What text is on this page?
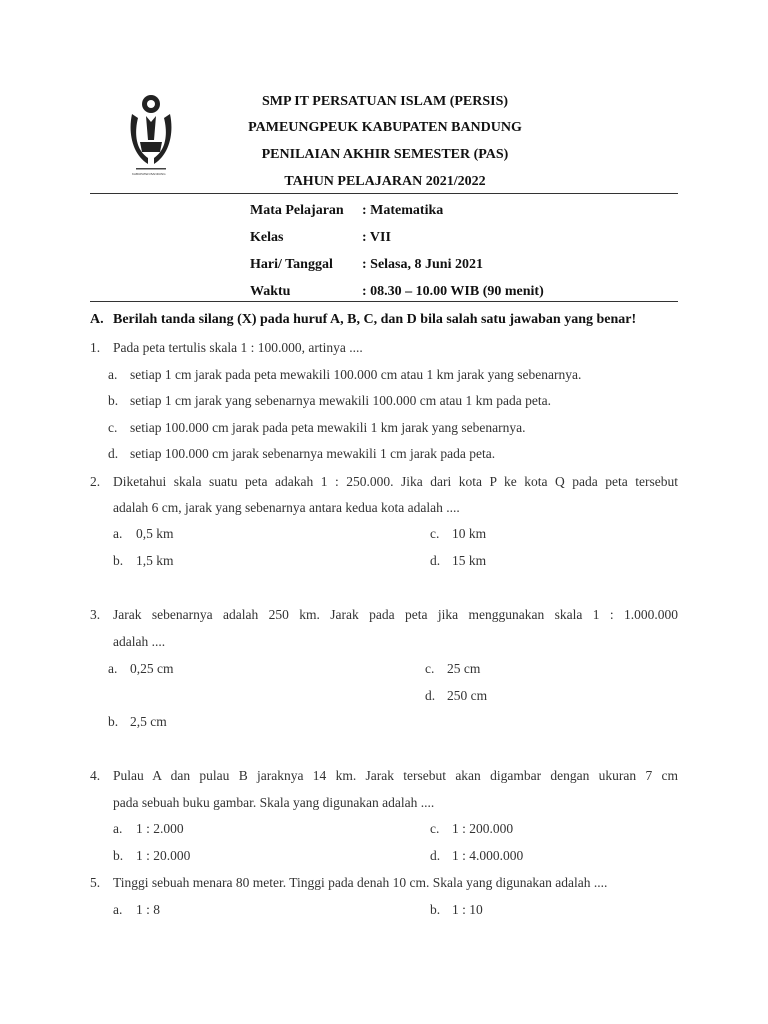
KABUPATEN BANDUNG
SMP IT PERSATUAN ISLAM (PERSIS)
PAMEUNGPEUK KABUPATEN BANDUNG
PENILAIAN AKHIR SEMESTER (PAS)
TAHUN PELAJARAN 2021/2022
Mata Pelajaran : Matematika
Kelas	: VII
Hari/ Tanggal : Selasa, 8 Juni 2021
Waktu	: 08.30 – 10.00 WIB (90 menit)
A. Berilah tanda silang (X) pada huruf A, B, C, dan D bila salah satu jawaban yang benar!
1. Pada peta tertulis skala 1 : 100.000, artinya ....
a. setiap 1 cm jarak pada peta mewakili 100.000 cm atau 1 km jarak yang sebenarnya.
b. setiap 1 cm jarak yang sebenarnya mewakili 100.000 cm atau 1 km pada peta.
c. setiap 100.000 cm jarak pada peta mewakili 1 km jarak yang sebenarnya.
d. setiap 100.000 cm jarak sebenarnya mewakili 1 cm jarak pada peta.
2. Diketahui skala suatu peta adakah 1 : 250.000. Jika dari kota P ke kota Q pada peta tersebut
adalah 6 cm, jarak yang sebenarnya antara kedua kota adalah ....
a. 0,5 km	c. 10 km
b. 1,5 km	d. 15 km
3. Jarak sebenarnya adalah 250 km. Jarak pada peta jika menggunakan skala 1 : 1.000.000
adalah ....
a. 0,25 cm	c. 25 cm
d. 250 cm
b. 2,5 cm
4. Pulau A dan pulau B jaraknya 14 km. Jarak tersebut akan digambar dengan ukuran 7 cm
pada sebuah buku gambar. Skala yang digunakan adalah ....
a. 1 : 2.000	c. 1 : 200.000
b. 1 : 20.000	d. 1 : 4.000.000
5. Tinggi sebuah menara 80 meter. Tinggi pada denah 10 cm. Skala yang digunakan adalah ....
a. 1 : 8	b. 1 : 10
